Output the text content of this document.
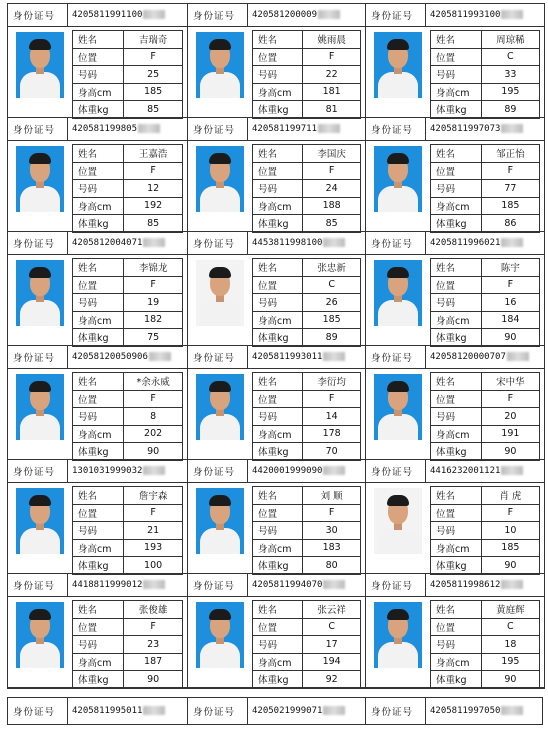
身份证号	4205811991100
姓名	吉瑞奇
位置	F
号码	25
身高cm	185
体重kg	85
身份证号	420581200009
姓名	姚雨晨
位置	F
号码	22
身高cm	181
体重kg	81
身份证号	4205811993100
姓名	周琼稀
位置	C
号码	33
身高cm	195
体重kg	89
身份证号	420581199805
姓名	王嘉浩
位置	F
号码	12
身高cm	192
体重kg	85
身份证号	420581199711
姓名	李国庆
位置	F
号码	24
身高cm	188
体重kg	85
身份证号	4205811997073
姓名	邹正怡
位置	F
号码	77
身高cm	185
体重kg	86
身份证号	4205812004071
姓名	李锦龙
位置	F
号码	19
身高cm	182
体重kg	75
身份证号	4453811998100
姓名	张忠新
位置	C
号码	26
身高cm	185
体重kg	89
身份证号	4205811996021
姓名	陈宇
位置	F
号码	16
身高cm	184
体重kg	90
身份证号	42058120050906
姓名	*余永威
位置	F
号码	8
身高cm	202
体重kg	90
身份证号	4205811993011
姓名	李衍均
位置	F
号码	14
身高cm	178
体重kg	70
身份证号	42058120000707
姓名	宋中华
位置	F
号码	20
身高cm	191
体重kg	90
身份证号	1301031999032
姓名	詹宇森
位置	F
号码	21
身高cm	193
体重kg	100
身份证号	4420001999090
姓名	刘 顺
位置	F
号码	30
身高cm	183
体重kg	80
身份证号	4416232001121
姓名	肖 虎
位置	F
号码	10
身高cm	185
体重kg	90
身份证号	4418811999012
姓名	张俊雄
位置	F
号码	23
身高cm	187
体重kg	90
身份证号	4205811994070
姓名	张云祥
位置	C
号码	17
身高cm	194
体重kg	92
身份证号	4205811998612
姓名	黄庭辉
位置	C
号码	18
身高cm	195
体重kg	90
身份证号	4205811995011	身份证号	4205021999071	身份证号	4205811997050
